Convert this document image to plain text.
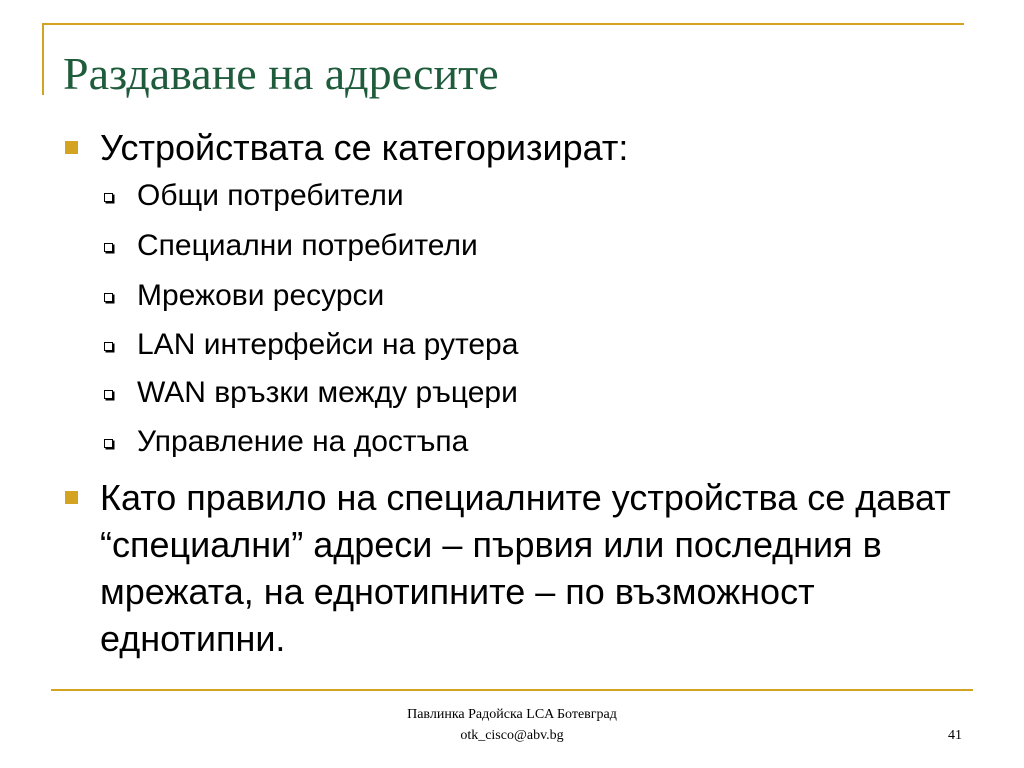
Раздаване на адресите
Устройствата се категоризират:
Общи потребители
Специални потребители
Мрежови ресурси
LAN интерфейси на рутера
WAN връзки между ръцери
Управление на достъпа
Като правило на специалните устройства се дават “специални” адреси – първия или последния в мрежата, на еднотипните – по възможност еднотипни.
Павлинка Радойска LCA Ботевград
otk_cisco@abv.bg	41
